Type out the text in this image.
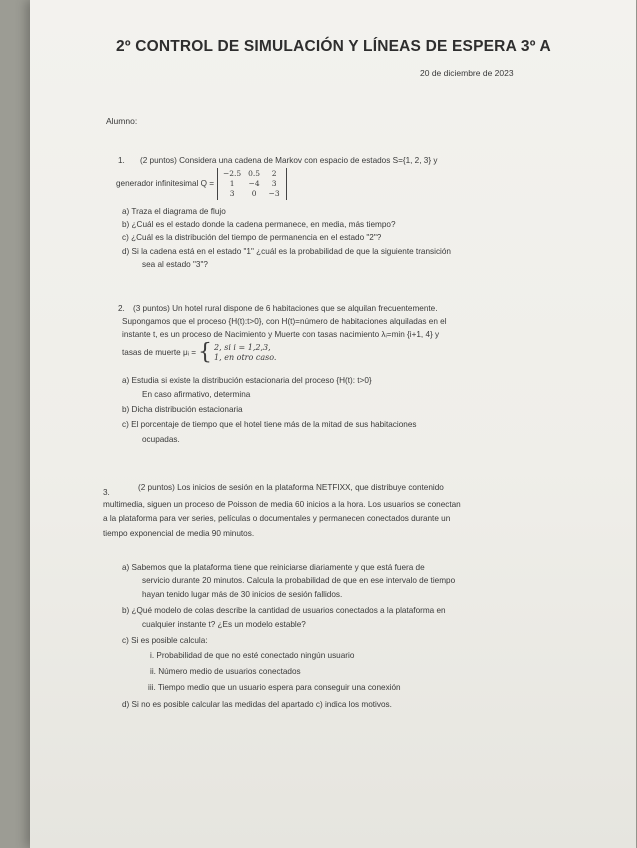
2º CONTROL DE SIMULACIÓN Y LÍNEAS DE ESPERA 3º A
20 de diciembre de 2023
Alumno:
1. (2 puntos) Considera una cadena de Markov con espacio de estados S={1, 2, 3} y
generador infinitesimal Q =
−2.5 0.5	2
1	−4	3
3	0	−3
a) Traza el diagrama de flujo
b) ¿Cuál es el estado donde la cadena permanece, en media, más tiempo?
c) ¿Cuál es la distribución del tiempo de permanencia en el estado "2"?
d) Si la cadena está en el estado "1" ¿cuál es la probabilidad de que la siguiente transición
sea al estado "3"?
2. (3 puntos) Un hotel rural dispone de 6 habitaciones que se alquilan frecuentemente.
Supongamos que el proceso {H(t):t>0}, con H(t)=número de habitaciones alquiladas en el
instante t, es un proceso de Nacimiento y Muerte con tasas nacimiento λᵢ=min {i+1, 4} y
tasas de muerte μᵢ = { 2, si i = 1,2,3,
1, en otro caso.
a) Estudia si existe la distribución estacionaria del proceso {H(t): t>0}
En caso afirmativo, determina
b) Dicha distribución estacionaria
c) El porcentaje de tiempo que el hotel tiene más de la mitad de sus habitaciones
ocupadas.
3.
(2 puntos) Los inicios de sesión en la plataforma NETFIXX, que distribuye contenido
multimedia, siguen un proceso de Poisson de media 60 inicios a la hora. Los usuarios se conectan
a la plataforma para ver series, películas o documentales y permanecen conectados durante un
tiempo exponencial de media 90 minutos.
a) Sabemos que la plataforma tiene que reiniciarse diariamente y que está fuera de
servicio durante 20 minutos. Calcula la probabilidad de que en ese intervalo de tiempo
hayan tenido lugar más de 30 inicios de sesión fallidos.
b) ¿Qué modelo de colas describe la cantidad de usuarios conectados a la plataforma en
cualquier instante t? ¿Es un modelo estable?
c) Si es posible calcula:
i. Probabilidad de que no esté conectado ningún usuario
ii. Número medio de usuarios conectados
iii. Tiempo medio que un usuario espera para conseguir una conexión
d) Si no es posible calcular las medidas del apartado c) indica los motivos.
